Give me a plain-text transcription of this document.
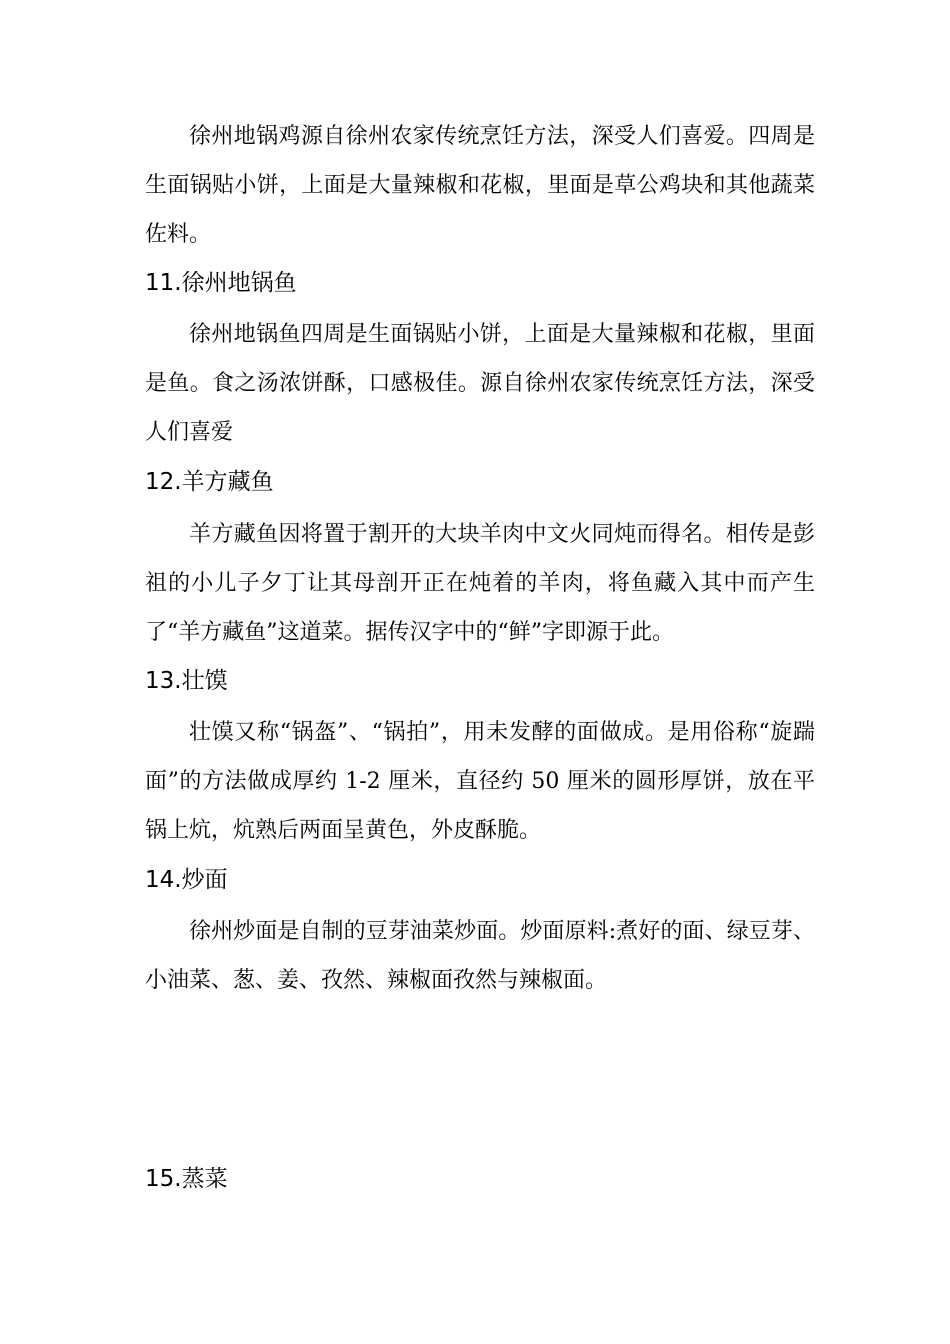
徐州地锅鸡源自徐州农家传统烹饪方法，深受人们喜爱。四周是生面锅贴小饼，上面是大量辣椒和花椒，里面是草公鸡块和其他蔬菜佐料。

11.徐州地锅鱼

徐州地锅鱼四周是生面锅贴小饼，上面是大量辣椒和花椒，里面是鱼。食之汤浓饼酥，口感极佳。源自徐州农家传统烹饪方法，深受人们喜爱

12.羊方藏鱼

羊方藏鱼因将置于割开的大块羊肉中文火同炖而得名。相传是彭祖的小儿子夕丁让其母剖开正在炖着的羊肉，将鱼藏入其中而产生了“羊方藏鱼”这道菜。据传汉字中的“鲜”字即源于此。

13.壮馍

壮馍又称“锅盔”、“锅拍”，用未发酵的面做成。是用俗称“旋踹面”的方法做成厚约 1-2 厘米，直径约 50 厘米的圆形厚饼，放在平锅上炕，炕熟后两面呈黄色，外皮酥脆。

14.炒面

徐州炒面是自制的豆芽油菜炒面。炒面原料:煮好的面、绿豆芽、小油菜、葱、姜、孜然、辣椒面孜然与辣椒面。

15.蒸菜
